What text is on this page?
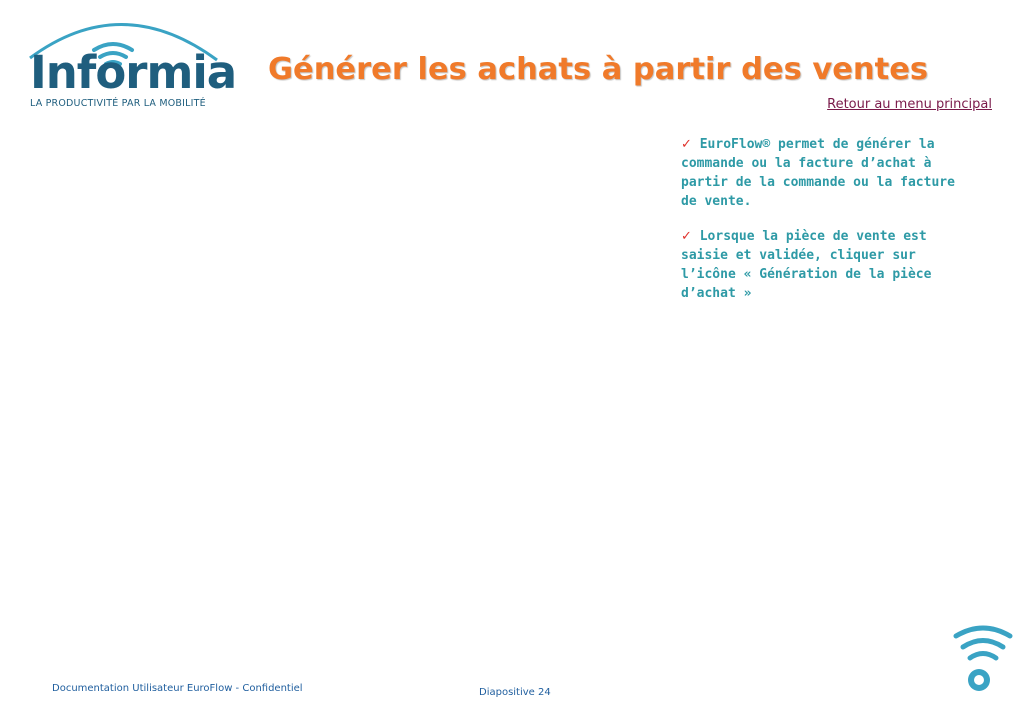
Informia
LA PRODUCTIVITÉ PAR LA MOBILITÉ
Générer les achats à partir des ventes
Retour au menu principal
✓ EuroFlow® permet de générer la commande ou la facture d’achat à partir de la commande ou la facture de vente.
✓ Lorsque la pièce de vente est saisie et validée, cliquer sur l’icône « Génération de la pièce d’achat »
Documentation Utilisateur EuroFlow - Confidentiel	Diapositive 24
